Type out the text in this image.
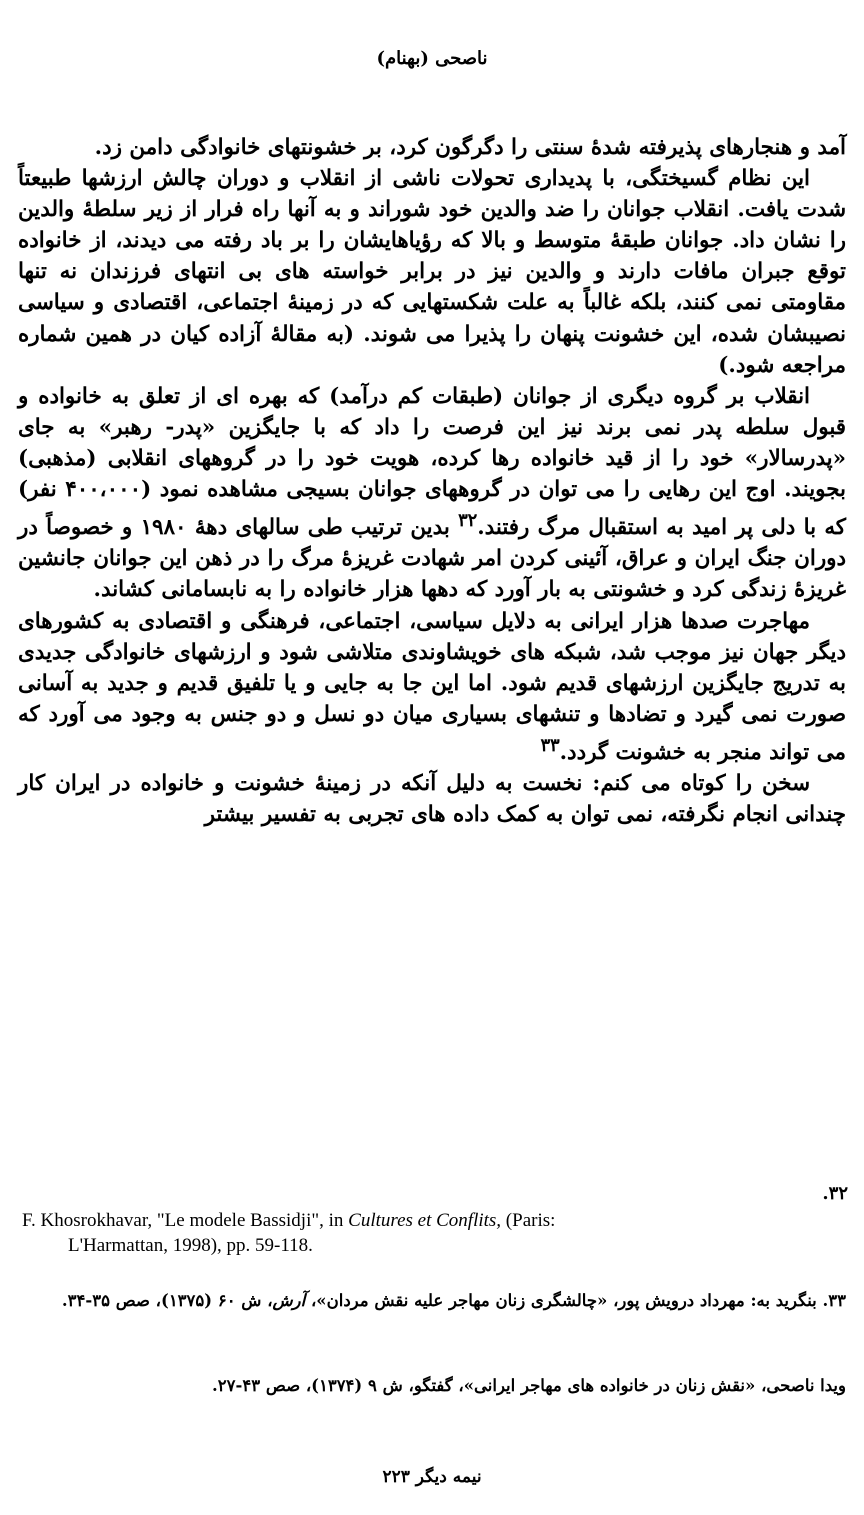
ناصحی (بهنام)

آمد و هنجارهای پذیرفته شدهٔ سنتی را دگرگون کرد، بر خشونتهای خانوادگی دامن زد.

این نظام گسیختگی، با پدیداری تحولات ناشی از انقلاب و دوران چالش ارزشها طبیعتاً شدت یافت. انقلاب جوانان را ضد والدین خود شوراند و به آنها راه فرار از زیر سلطهٔ والدین را نشان داد. جوانان طبقهٔ متوسط و بالا که رؤیاهایشان را بر باد رفته می دیدند، از خانواده توقع جبران مافات دارند و والدین نیز در برابر خواسته های بی انتهای فرزندان نه تنها مقاومتی نمی کنند، بلکه غالباً به علت شکستهایی که در زمینهٔ اجتماعی، اقتصادی و سیاسی نصیبشان شده، این خشونت پنهان را پذیرا می شوند. (به مقالهٔ آزاده کیان در همین شماره مراجعه شود.)

انقلاب بر گروه دیگری از جوانان (طبقات کم درآمد) که بهره ای از تعلق به خانواده و قبول سلطه پدر نمی برند نیز این فرصت را داد که با جایگزین «پدر- رهبر» به جای «پدرسالار» خود را از قید خانواده رها کرده، هویت خود را در گروههای انقلابی (مذهبی) بجویند. اوج این رهایی را می توان در گروههای جوانان بسیجی مشاهده نمود (۴۰۰،۰۰۰ نفر) که با دلی پر امید به استقبال مرگ رفتند.$^{۳۲}$ بدین ترتیب طی سالهای دههٔ ۱۹۸۰ و خصوصاً در دوران جنگ ایران و عراق، آئینی کردن امر شهادت غریزهٔ مرگ را در ذهن این جوانان جانشین غریزهٔ زندگی کرد و خشونتی به بار آورد که دهها هزار خانواده را به نابسامانی کشاند.

مهاجرت صدها هزار ایرانی به دلایل سیاسی، اجتماعی، فرهنگی و اقتصادی به کشورهای دیگر جهان نیز موجب شد، شبکه های خویشاوندی متلاشی شود و ارزشهای خانوادگی جدیدی به تدریج جایگزین ارزشهای قدیم شود. اما این جا به جایی و یا تلفیق قدیم و جدید به آسانی صورت نمی گیرد و تضادها و تنشهای بسیاری میان دو نسل و دو جنس به وجود می آورد که می تواند منجر به خشونت گردد.$^{۳۳}$

سخن را کوتاه می کنم: نخست به دلیل آنکه در زمینهٔ خشونت و خانواده در ایران کار چندانی انجام نگرفته، نمی توان به کمک داده های تجربی به تفسیر بیشتر

۳۲.
F. Khosrokhavar, "Le modele Bassidji", in Cultures et Conflits, (Paris:
L'Harmattan, 1998), pp. 59-118.

۳۳. بنگرید به: مهرداد درویش پور، «چالشگری زنان مهاجر علیه نقش مردان»، آرش، ش ۶۰ (۱۳۷۵)، صص ۳۵-۳۴.

ویدا ناصحی، «نقش زنان در خانواده های مهاجر ایرانی»، گفتگو، ش ۹ (۱۳۷۴)، صص ۴۳-۲۷.
نیمه دیگر ۲۲۳
